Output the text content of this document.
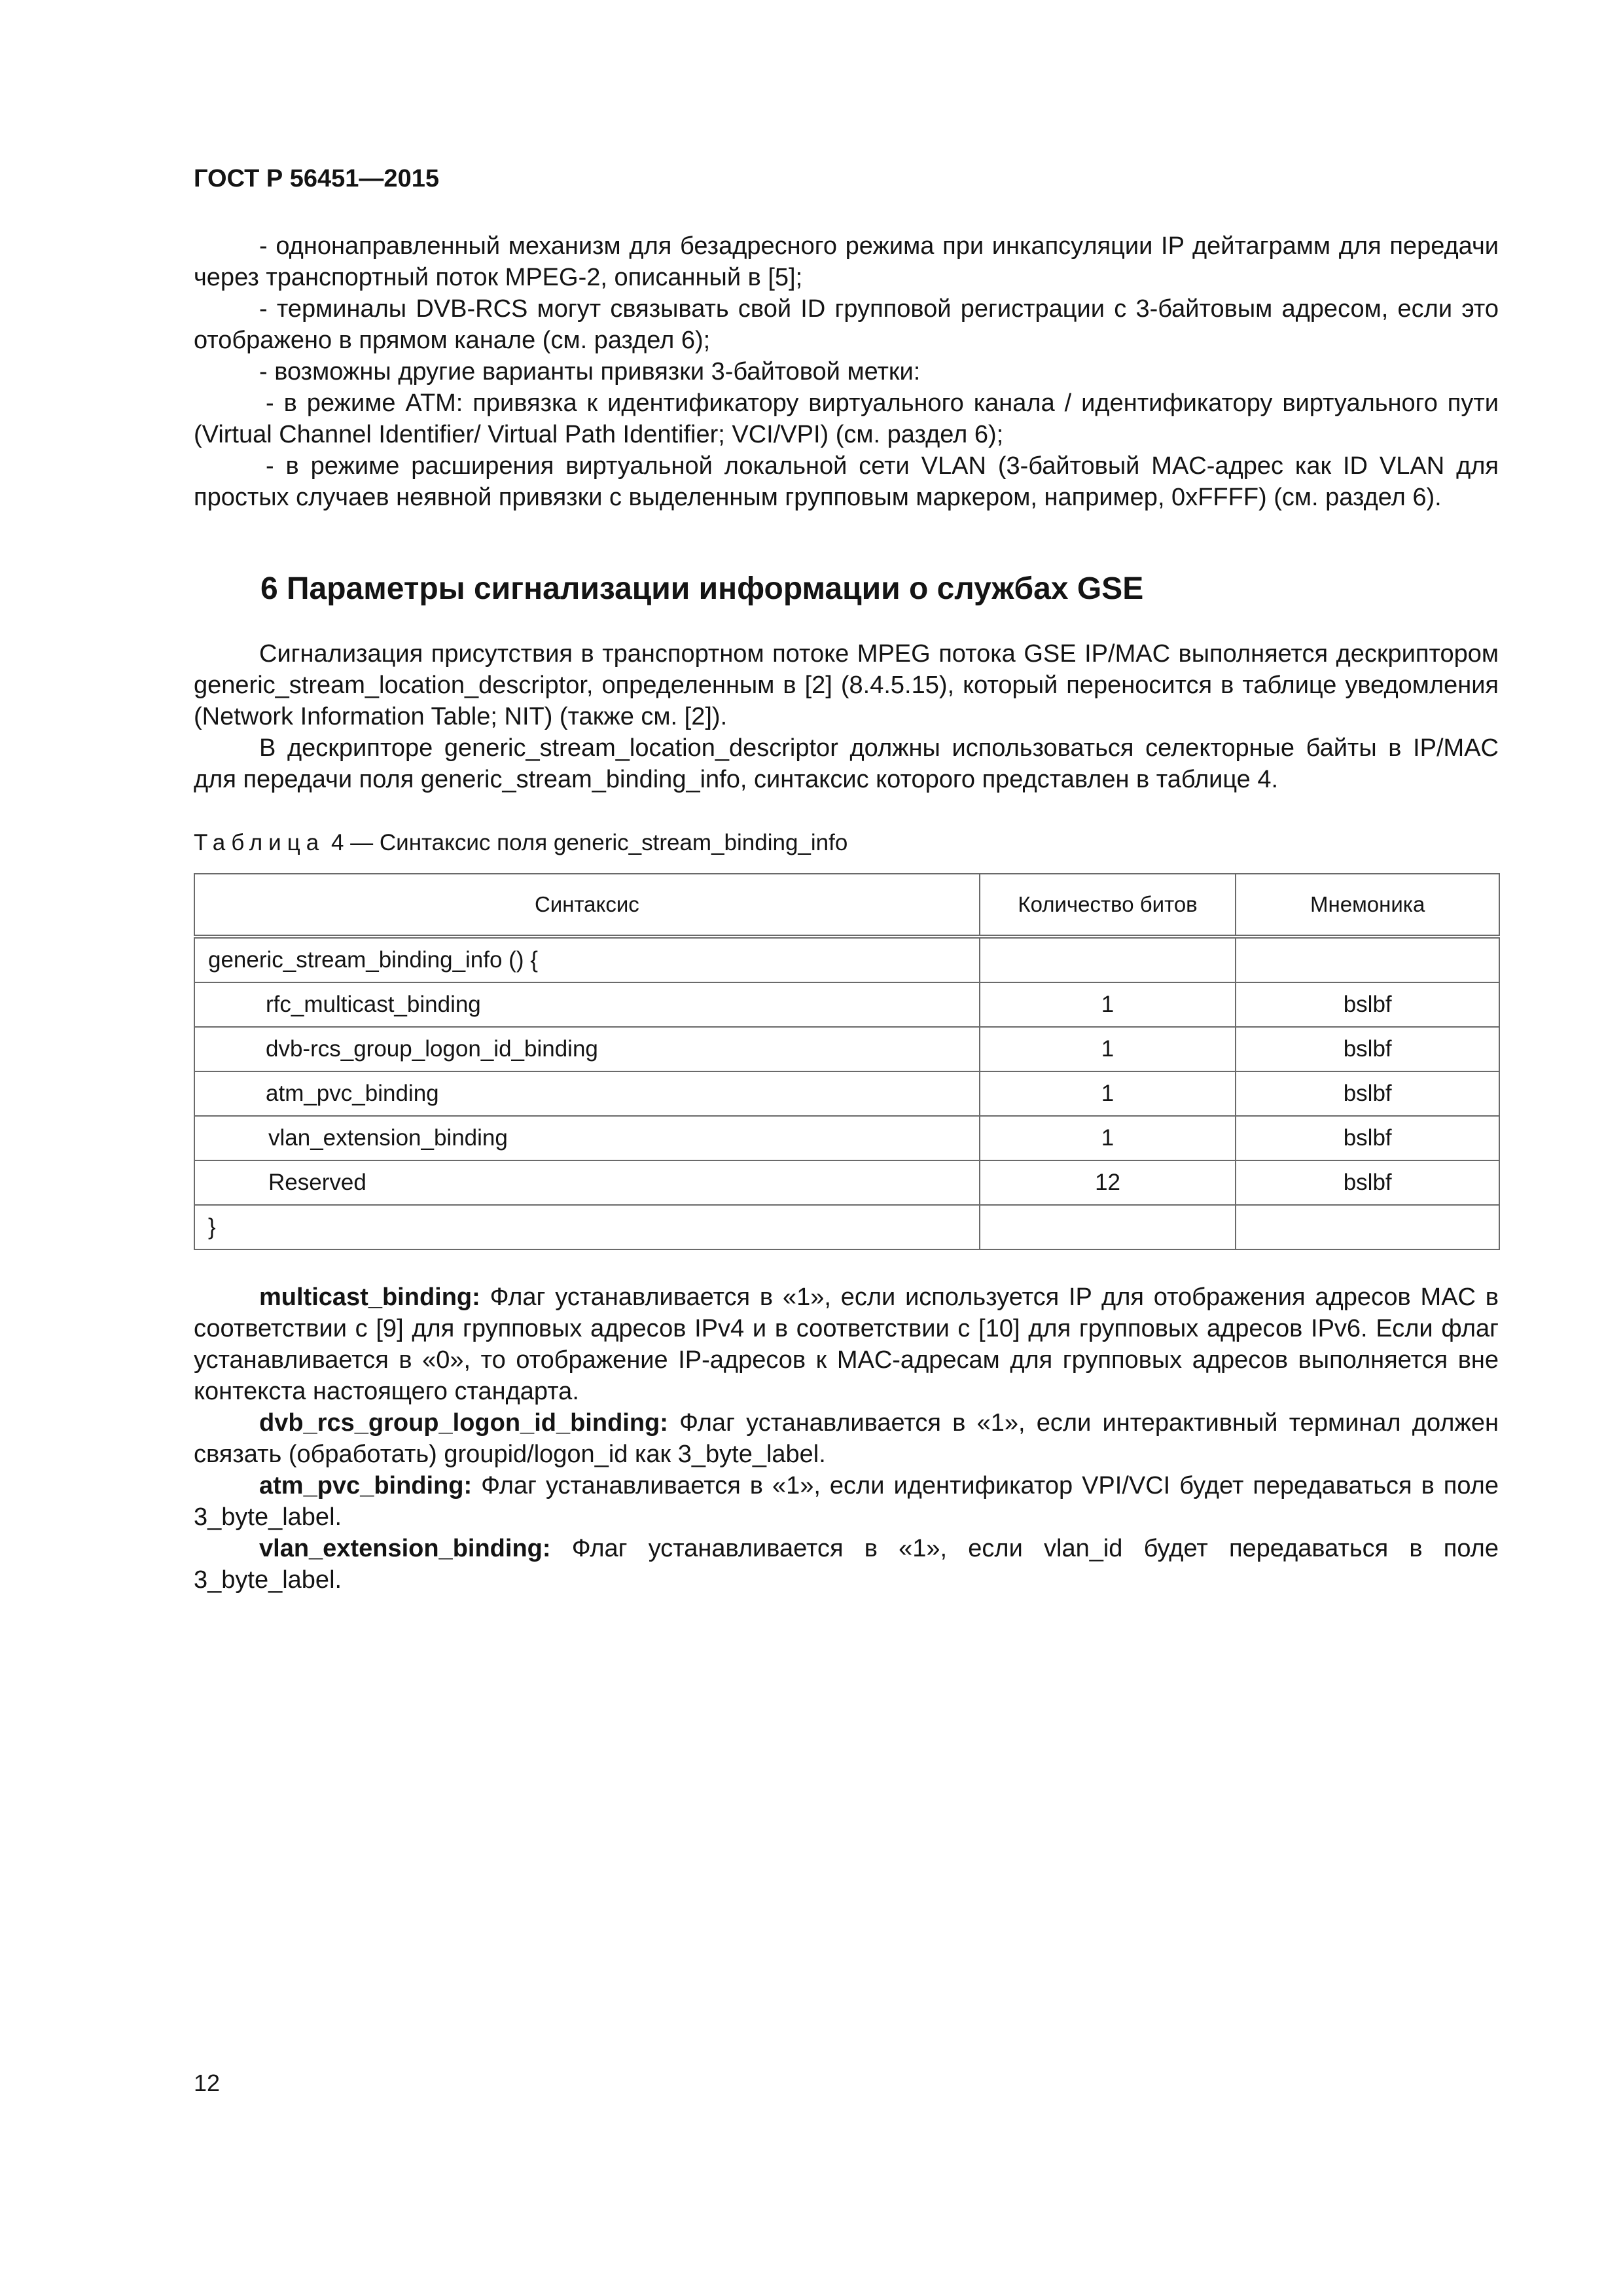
ГОСТ Р 56451—2015

- однонаправленный механизм для безадресного режима при инкапсуляции IP дейтаграмм для передачи через транспортный поток MPEG-2, описанный в [5];

- терминалы DVB-RCS могут связывать свой ID групповой регистрации с 3-байтовым адресом, если это отображено в прямом канале (см. раздел 6);

- возможны другие варианты привязки 3-байтовой метки:

- в режиме ATM: привязка к идентификатору виртуального канала / идентификатору виртуального пути (Virtual Channel Identifier/ Virtual Path Identifier; VCI/VPI) (см. раздел 6);

- в режиме расширения виртуальной локальной сети VLAN (3-байтовый MAC-адрес как ID VLAN для простых случаев неявной привязки с выделенным групповым маркером, например, 0xFFFF) (см. раздел 6).

6 Параметры сигнализации информации о службах GSE

Сигнализация присутствия в транспортном потоке MPEG потока GSE IP/MAC выполняется дескриптором generic_stream_location_descriptor, определенным в [2] (8.4.5.15), который переносится в таблице уведомления (Network Information Table; NIT) (также см. [2]).

В дескрипторе generic_stream_location_descriptor должны использоваться селекторные байты в IP/MAC для передачи поля generic_stream_binding_info, синтаксис которого представлен в таблице 4.

Таблица 4 — Синтаксис поля generic_stream_binding_info
Синтаксис	Количество битов	Мнемоника
generic_stream_binding_info () {		
rfc_multicast_binding	1	bslbf
dvb-rcs_group_logon_id_binding	1	bslbf
atm_pvc_binding	1	bslbf
vlan_extension_binding	1	bslbf
Reserved	12	bslbf
}		

multicast_binding: Флаг устанавливается в «1», если используется IP для отображения адресов MAC в соответствии с [9] для групповых адресов IPv4 и в соответствии с [10] для групповых адресов IPv6. Если флаг устанавливается в «0», то отображение IP-адресов к MAC-адресам для групповых адресов выполняется вне контекста настоящего стандарта.

dvb_rcs_group_logon_id_binding: Флаг устанавливается в «1», если интерактивный терминал должен связать (обработать) groupid/logon_id как 3_byte_label.

atm_pvc_binding: Флаг устанавливается в «1», если идентификатор VPI/VCI будет передаваться в поле 3_byte_label.

vlan_extension_binding: Флаг устанавливается в «1», если vlan_id будет передаваться в поле 3_byte_label.

12
